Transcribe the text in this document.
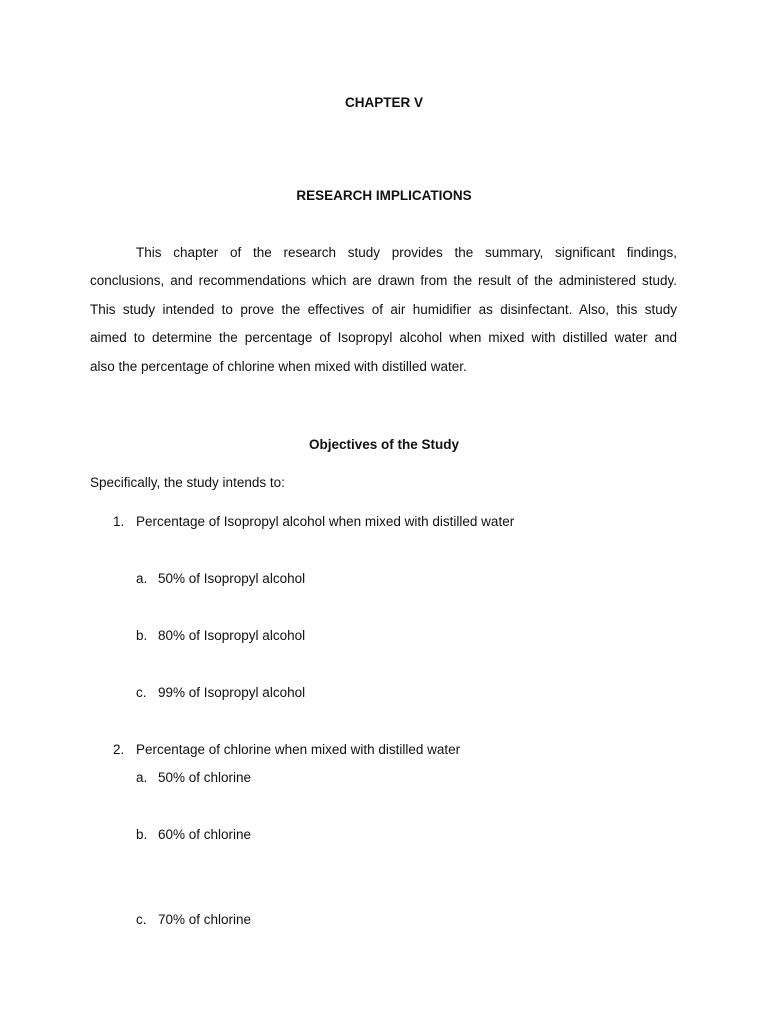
CHAPTER V

RESEARCH IMPLICATIONS

This chapter of the research study provides the summary, significant findings,

conclusions, and recommendations which are drawn from the result of the administered study.

This study intended to prove the effectives of air humidifier as disinfectant. Also, this study

aimed to determine the percentage of Isopropyl alcohol when mixed with distilled water and

also the percentage of chlorine when mixed with distilled water.

Objectives of the Study

Specifically, the study intends to:

1. Percentage of Isopropyl alcohol when mixed with distilled water
a. 50% of Isopropyl alcohol
b. 80% of Isopropyl alcohol
c. 99% of Isopropyl alcohol
2. Percentage of chlorine when mixed with distilled water
a. 50% of chlorine
b. 60% of chlorine
c. 70% of chlorine
